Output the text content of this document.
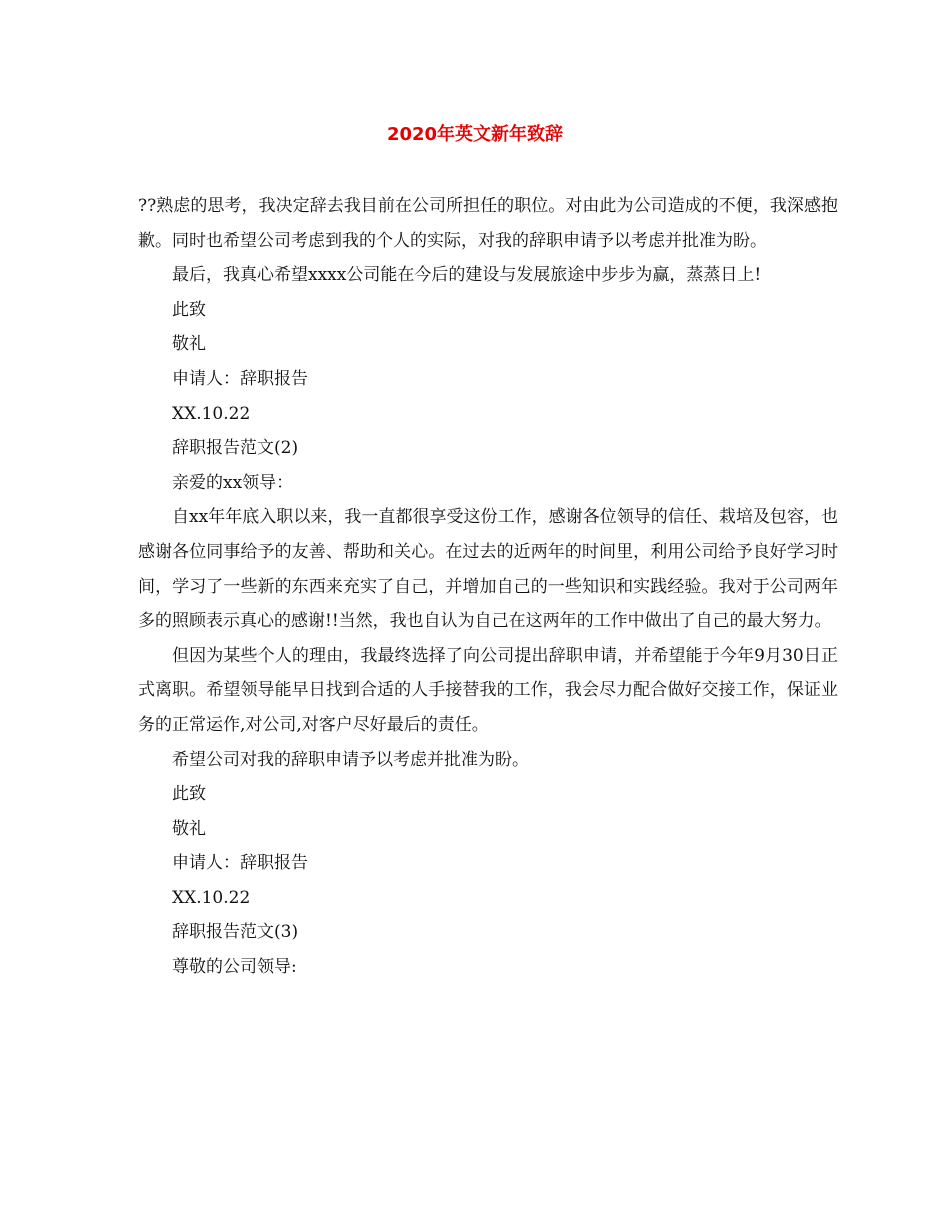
2020年英文新年致辞

??熟虑的思考，我决定辞去我目前在公司所担任的职位。对由此为公司造成的不便，我深感抱歉。同时也希望公司考虑到我的个人的实际，对我的辞职申请予以考虑并批准为盼。

最后，我真心希望xxxx公司能在今后的建设与发展旅途中步步为赢，蒸蒸日上!

此致

敬礼

申请人：辞职报告

XX.10.22

辞职报告范文(2)

亲爱的xx领导：

自xx年年底入职以来，我一直都很享受这份工作，感谢各位领导的信任、栽培及包容，也感谢各位同事给予的友善、帮助和关心。在过去的近两年的时间里，利用公司给予良好学习时间，学习了一些新的东西来充实了自己，并增加自己的一些知识和实践经验。我对于公司两年多的照顾表示真心的感谢!!当然，我也自认为自己在这两年的工作中做出了自己的最大努力。

但因为某些个人的理由，我最终选择了向公司提出辞职申请，并希望能于今年9月30日正式离职。希望领导能早日找到合适的人手接替我的工作，我会尽力配合做好交接工作，保证业务的正常运作,对公司,对客户尽好最后的责任。

希望公司对我的辞职申请予以考虑并批准为盼。

此致

敬礼

申请人：辞职报告

XX.10.22

辞职报告范文(3)

尊敬的公司领导:
